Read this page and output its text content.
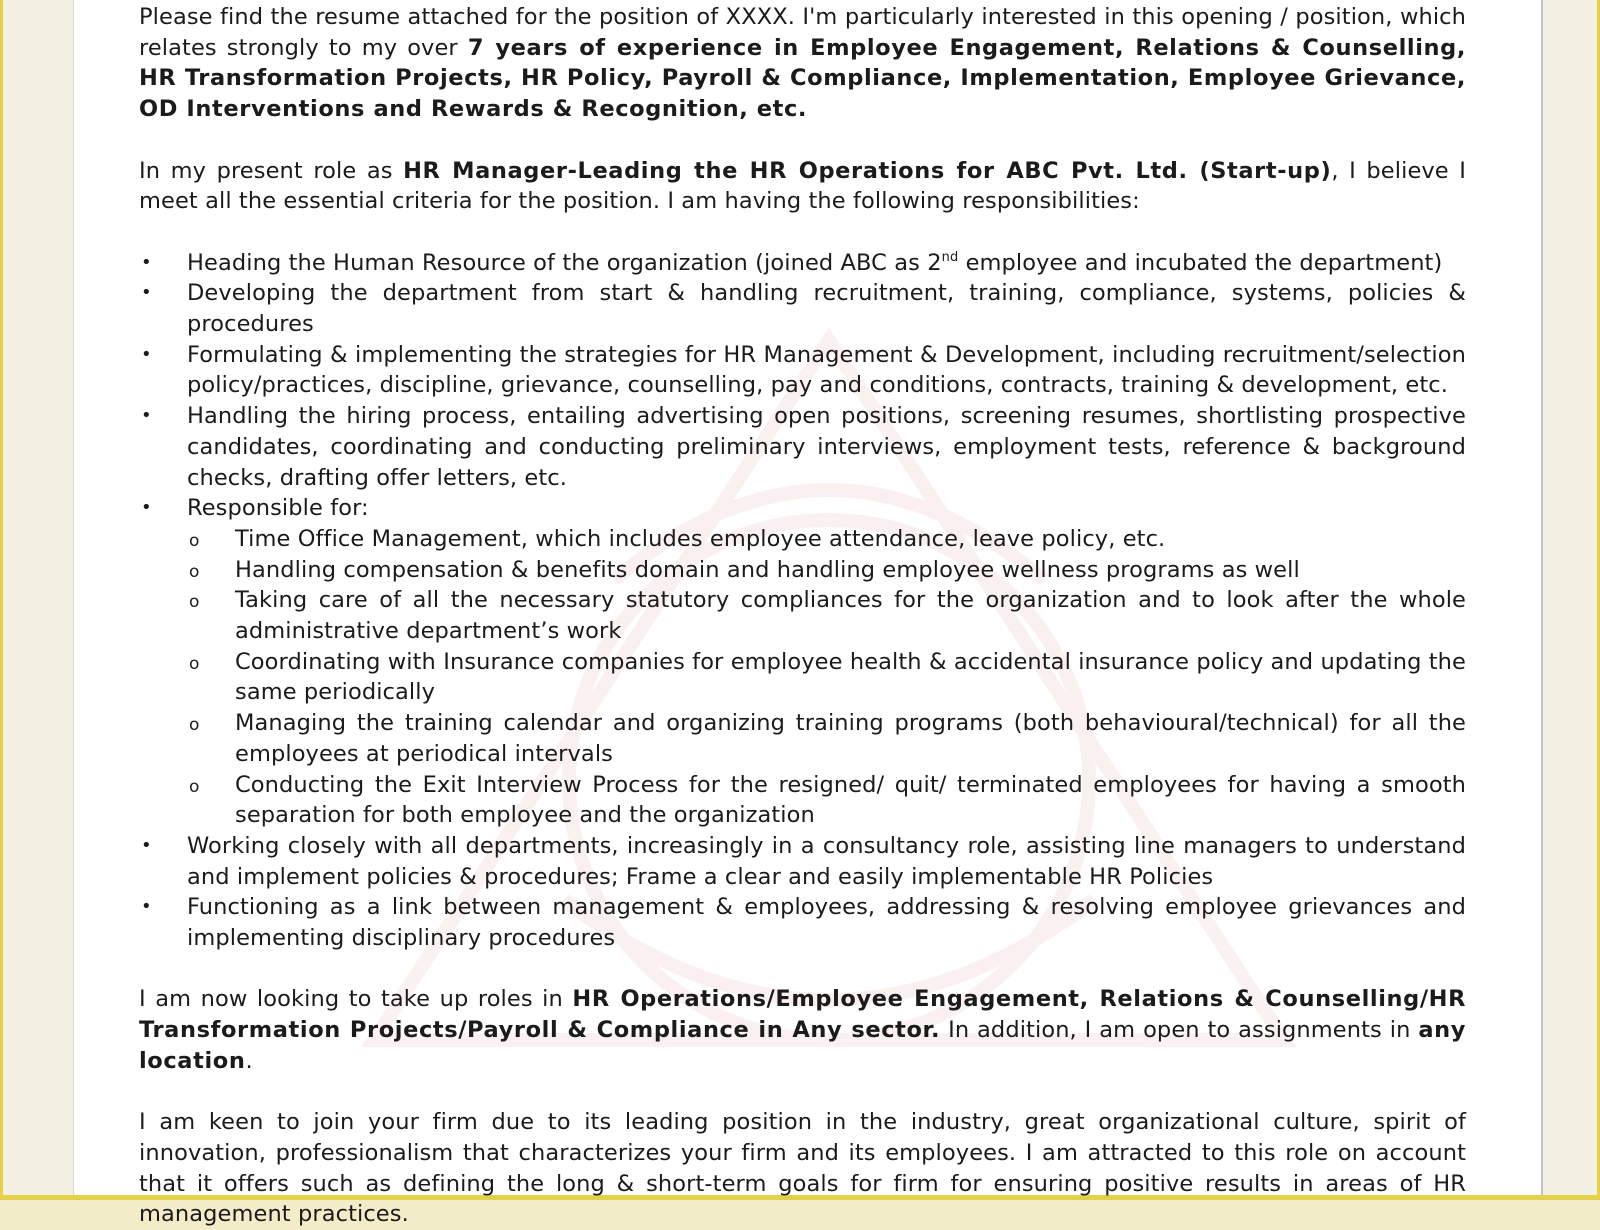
Please find the resume attached for the position of XXXX. I'm particularly interested in this opening / position, which relates strongly to my over 7 years of experience in Employee Engagement, Relations & Counselling, HR Transformation Projects, HR Policy, Payroll & Compliance, Implementation, Employee Grievance, OD Interventions and Rewards & Recognition, etc.

In my present role as HR Manager-Leading the HR Operations for ABC Pvt. Ltd. (Start-up), I believe I meet all the essential criteria for the position. I am having the following responsibilities:

•	Heading the Human Resource of the organization (joined ABC as 2nd employee and incubated the department)
•	Developing the department from start & handling recruitment, training, compliance, systems, policies & procedures
•	Formulating & implementing the strategies for HR Management & Development, including recruitment/selection policy/practices, discipline, grievance, counselling, pay and conditions, contracts, training & development, etc.
•	Handling the hiring process, entailing advertising open positions, screening resumes, shortlisting prospective candidates, coordinating and conducting preliminary interviews, employment tests, reference & background checks, drafting offer letters, etc.
•	Responsible for:
o	Time Office Management, which includes employee attendance, leave policy, etc.
o	Handling compensation & benefits domain and handling employee wellness programs as well
o	Taking care of all the necessary statutory compliances for the organization and to look after the whole administrative department’s work
o	Coordinating with Insurance companies for employee health & accidental insurance policy and updating the same periodically
o	Managing the training calendar and organizing training programs (both behavioural/technical) for all the employees at periodical intervals
o	Conducting the Exit Interview Process for the resigned/ quit/ terminated employees for having a smooth separation for both employee and the organization
•	Working closely with all departments, increasingly in a consultancy role, assisting line managers to understand and implement policies & procedures; Frame a clear and easily implementable HR Policies
•	Functioning as a link between management & employees, addressing & resolving employee grievances and implementing disciplinary procedures

I am now looking to take up roles in HR Operations/Employee Engagement, Relations & Counselling/HR Transformation Projects/Payroll & Compliance in Any sector. In addition, I am open to assignments in any location.

I am keen to join your firm due to its leading position in the industry, great organizational culture, spirit of innovation, professionalism that characterizes your firm and its employees. I am attracted to this role on account that it offers such as defining the long & short-term goals for firm for ensuring positive results in areas of HR management practices.
